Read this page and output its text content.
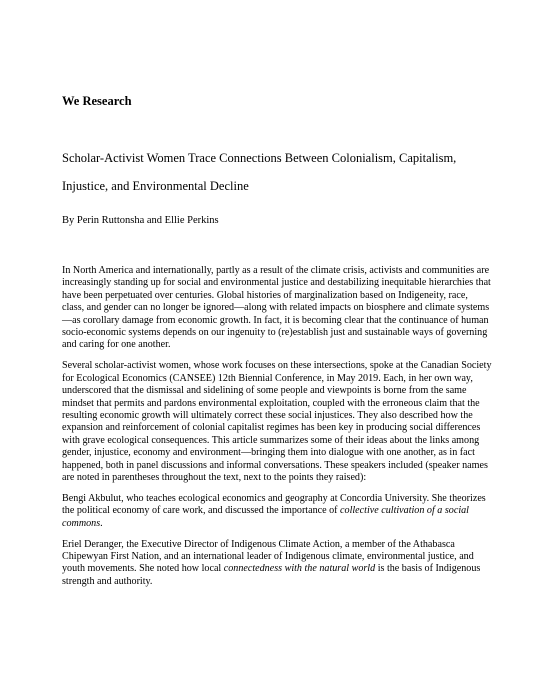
We Research

Scholar-Activist Women Trace Connections Between Colonialism, Capitalism, Injustice, and Environmental Decline

By Perin Ruttonsha and Ellie Perkins

In North America and internationally, partly as a result of the climate crisis, activists and communities are increasingly standing up for social and environmental justice and destabilizing inequitable hierarchies that have been perpetuated over centuries. Global histories of marginalization based on Indigeneity, race, class, and gender can no longer be ignored—along with related impacts on biosphere and climate systems—as corollary damage from economic growth. In fact, it is becoming clear that the continuance of human socio-economic systems depends on our ingenuity to (re)establish just and sustainable ways of governing and caring for one another.

Several scholar-activist women, whose work focuses on these intersections, spoke at the Canadian Society for Ecological Economics (CANSEE) 12th Biennial Conference, in May 2019. Each, in her own way, underscored that the dismissal and sidelining of some people and viewpoints is borne from the same mindset that permits and pardons environmental exploitation, coupled with the erroneous claim that the resulting economic growth will ultimately correct these social injustices. They also described how the expansion and reinforcement of colonial capitalist regimes has been key in producing social differences with grave ecological consequences. This article summarizes some of their ideas about the links among gender, injustice, economy and environment—bringing them into dialogue with one another, as in fact happened, both in panel discussions and informal conversations. These speakers included (speaker names are noted in parentheses throughout the text, next to the points they raised):

Bengi Akbulut, who teaches ecological economics and geography at Concordia University. She theorizes the political economy of care work, and discussed the importance of collective cultivation of a social commons.

Eriel Deranger, the Executive Director of Indigenous Climate Action, a member of the Athabasca Chipewyan First Nation, and an international leader of Indigenous climate, environmental justice, and youth movements. She noted how local connectedness with the natural world is the basis of Indigenous strength and authority.
